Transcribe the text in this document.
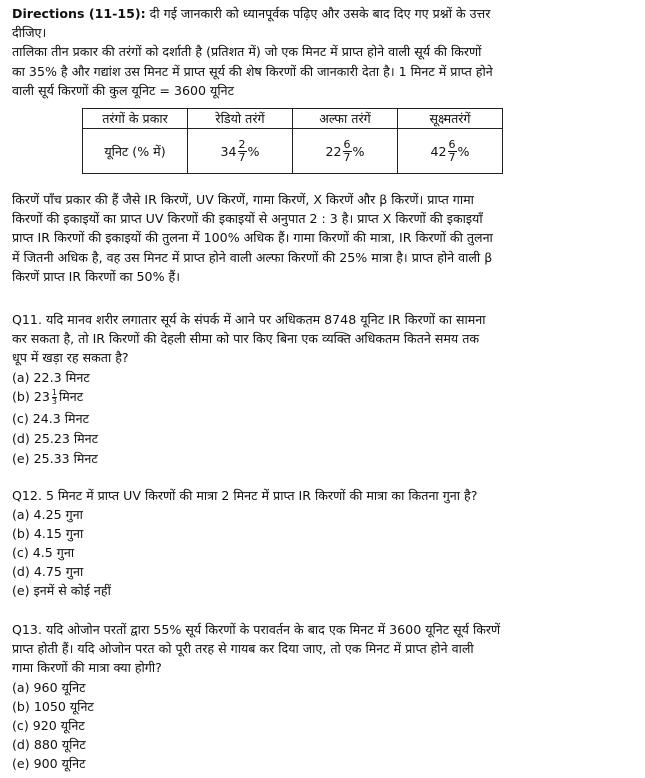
Directions (11-15): दी गई जानकारी को ध्यानपूर्वक पढ़िए और उसके बाद दिए गए प्रश्नों के उत्तर
दीजिए।
तालिका तीन प्रकार की तरंगों को दर्शाती है (प्रतिशत में) जो एक मिनट में प्राप्त होने वाली सूर्य की किरणों
का 35% है और गद्यांश उस मिनट में प्राप्त सूर्य की शेष किरणों की जानकारी देता है। 1 मिनट में प्राप्त होने
वाली सूर्य किरणों की कुल यूनिट = 3600 यूनिट
तरंगों के प्रकार	रेडियो तरंगें	अल्फा तरंगें	सूक्ष्मतरंगें
यूनिट (% में)	$34 \frac{2}{7}$ %	$22 \frac{6}{7}$ %	$42 \frac{6}{7}$ %
किरणें पाँच प्रकार की हैं जैसे IR किरणें, UV किरणें, गामा किरणें, X किरणें और β किरणें। प्राप्त गामा
किरणों की इकाइयों का प्राप्त UV किरणों की इकाइयों से अनुपात 2 : 3 है। प्राप्त X किरणों की इकाइयाँ
प्राप्त IR किरणों की इकाइयों की तुलना में 100% अधिक हैं। गामा किरणों की मात्रा, IR किरणों की तुलना
में जितनी अधिक है, वह उस मिनट में प्राप्त होने वाली अल्फा किरणों की 25% मात्रा है। प्राप्त होने वाली β
किरणें प्राप्त IR किरणों का 50% हैं।
Q11. यदि मानव शरीर लगातार सूर्य के संपर्क में आने पर अधिकतम 8748 यूनिट IR किरणों का सामना
कर सकता है, तो IR किरणों की देहली सीमा को पार किए बिना एक व्यक्ति अधिकतम कितने समय तक
धूप में खड़ा रह सकता है?
(a) 22.3 मिनट
(b) $23 \frac{1}{3}$ मिनट
(c) 24.3 मिनट
(d) 25.23 मिनट
(e) 25.33 मिनट
Q12. 5 मिनट में प्राप्त UV किरणों की मात्रा 2 मिनट में प्राप्त IR किरणों की मात्रा का कितना गुना है?
(a) 4.25 गुना
(b) 4.15 गुना
(c) 4.5 गुना
(d) 4.75 गुना
(e) इनमें से कोई नहीं
Q13. यदि ओजोन परतों द्वारा 55% सूर्य किरणों के परावर्तन के बाद एक मिनट में 3600 यूनिट सूर्य किरणें
प्राप्त होती हैं। यदि ओजोन परत को पूरी तरह से गायब कर दिया जाए, तो एक मिनट में प्राप्त होने वाली
गामा किरणों की मात्रा क्या होगी?
(a) 960 यूनिट
(b) 1050 यूनिट
(c) 920 यूनिट
(d) 880 यूनिट
(e) 900 यूनिट
